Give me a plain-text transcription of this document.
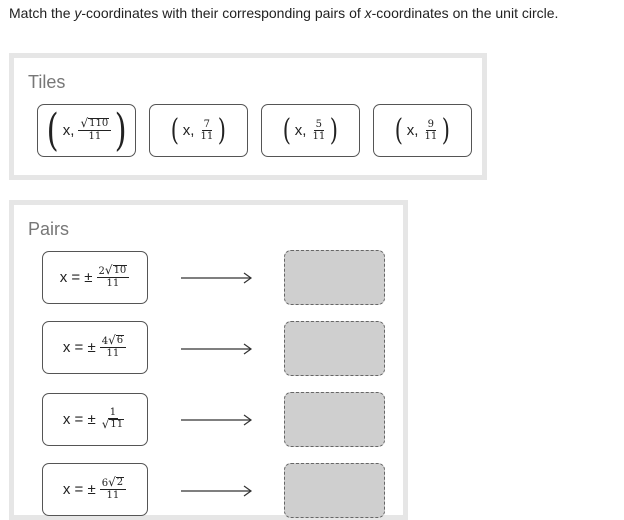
Match the y-coordinates with their corresponding pairs of x-coordinates on the unit circle.
Tiles
( x, $\frac{√ 110}{11}$ ) ( x, $\frac{7}{11}$ ) ( x, $\frac{5}{11}$ ) ( x, $\frac{9}{11}$ )
Pairs
x = ± $\frac{2 √ 10}{11}$
x = ± $\frac{4 √ 6}{11}$
x = ± $\frac{1}{√ 11}$
x = ± $\frac{6 √ 2}{11}$
